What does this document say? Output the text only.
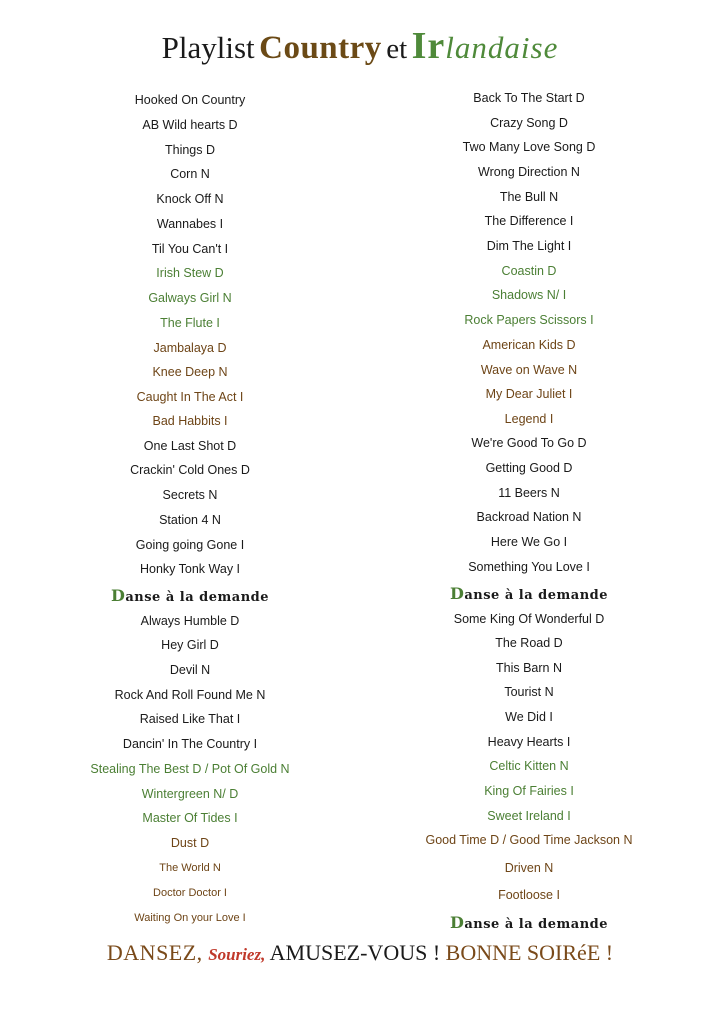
Playlist Country et Irlandaise
Hooked On Country
AB Wild hearts D
Things D
Corn N
Knock Off N
Wannabes I
Til You Can't I
Irish Stew D
Galways Girl N
The Flute I
Jambalaya D
Knee Deep N
Caught In The Act I
Bad Habbits I
One Last Shot D
Crackin' Cold Ones D
Secrets N
Station 4 N
Going going Gone I
Honky Tonk Way I
Always Humble D
Hey Girl D
Devil N
Rock And Roll Found Me N
Raised Like That I
Dancin' In The Country I
Stealing The Best D / Pot Of Gold N
Wintergreen N/ D
Master Of Tides I
Dust D
The World N
Doctor Doctor I
Waiting On your Love I
Danse à la demande
Back To The Start D
Crazy Song D
Two Many Love Song D
Wrong Direction N
The Bull N
The Difference I
Dim The Light I
Coastin D
Shadows N/ I
Rock Papers Scissors I
American Kids D
Wave on Wave N
My Dear Juliet I
Legend I
We're Good To Go D
Getting Good D
11 Beers N
Backroad Nation N
Here We Go I
Something You Love I
Some King Of Wonderful D
The Road D
This Barn N
Tourist N
We Did I
Heavy Hearts I
Celtic Kitten N
King Of Fairies I
Sweet Ireland I
Good Time D / Good Time Jackson N
Driven N
Footloose I
Danse à la demande
Danse à la demande
DANSEZ, Souriez, AMUSEZ-VOUS ! BONNE SOIRéE !
